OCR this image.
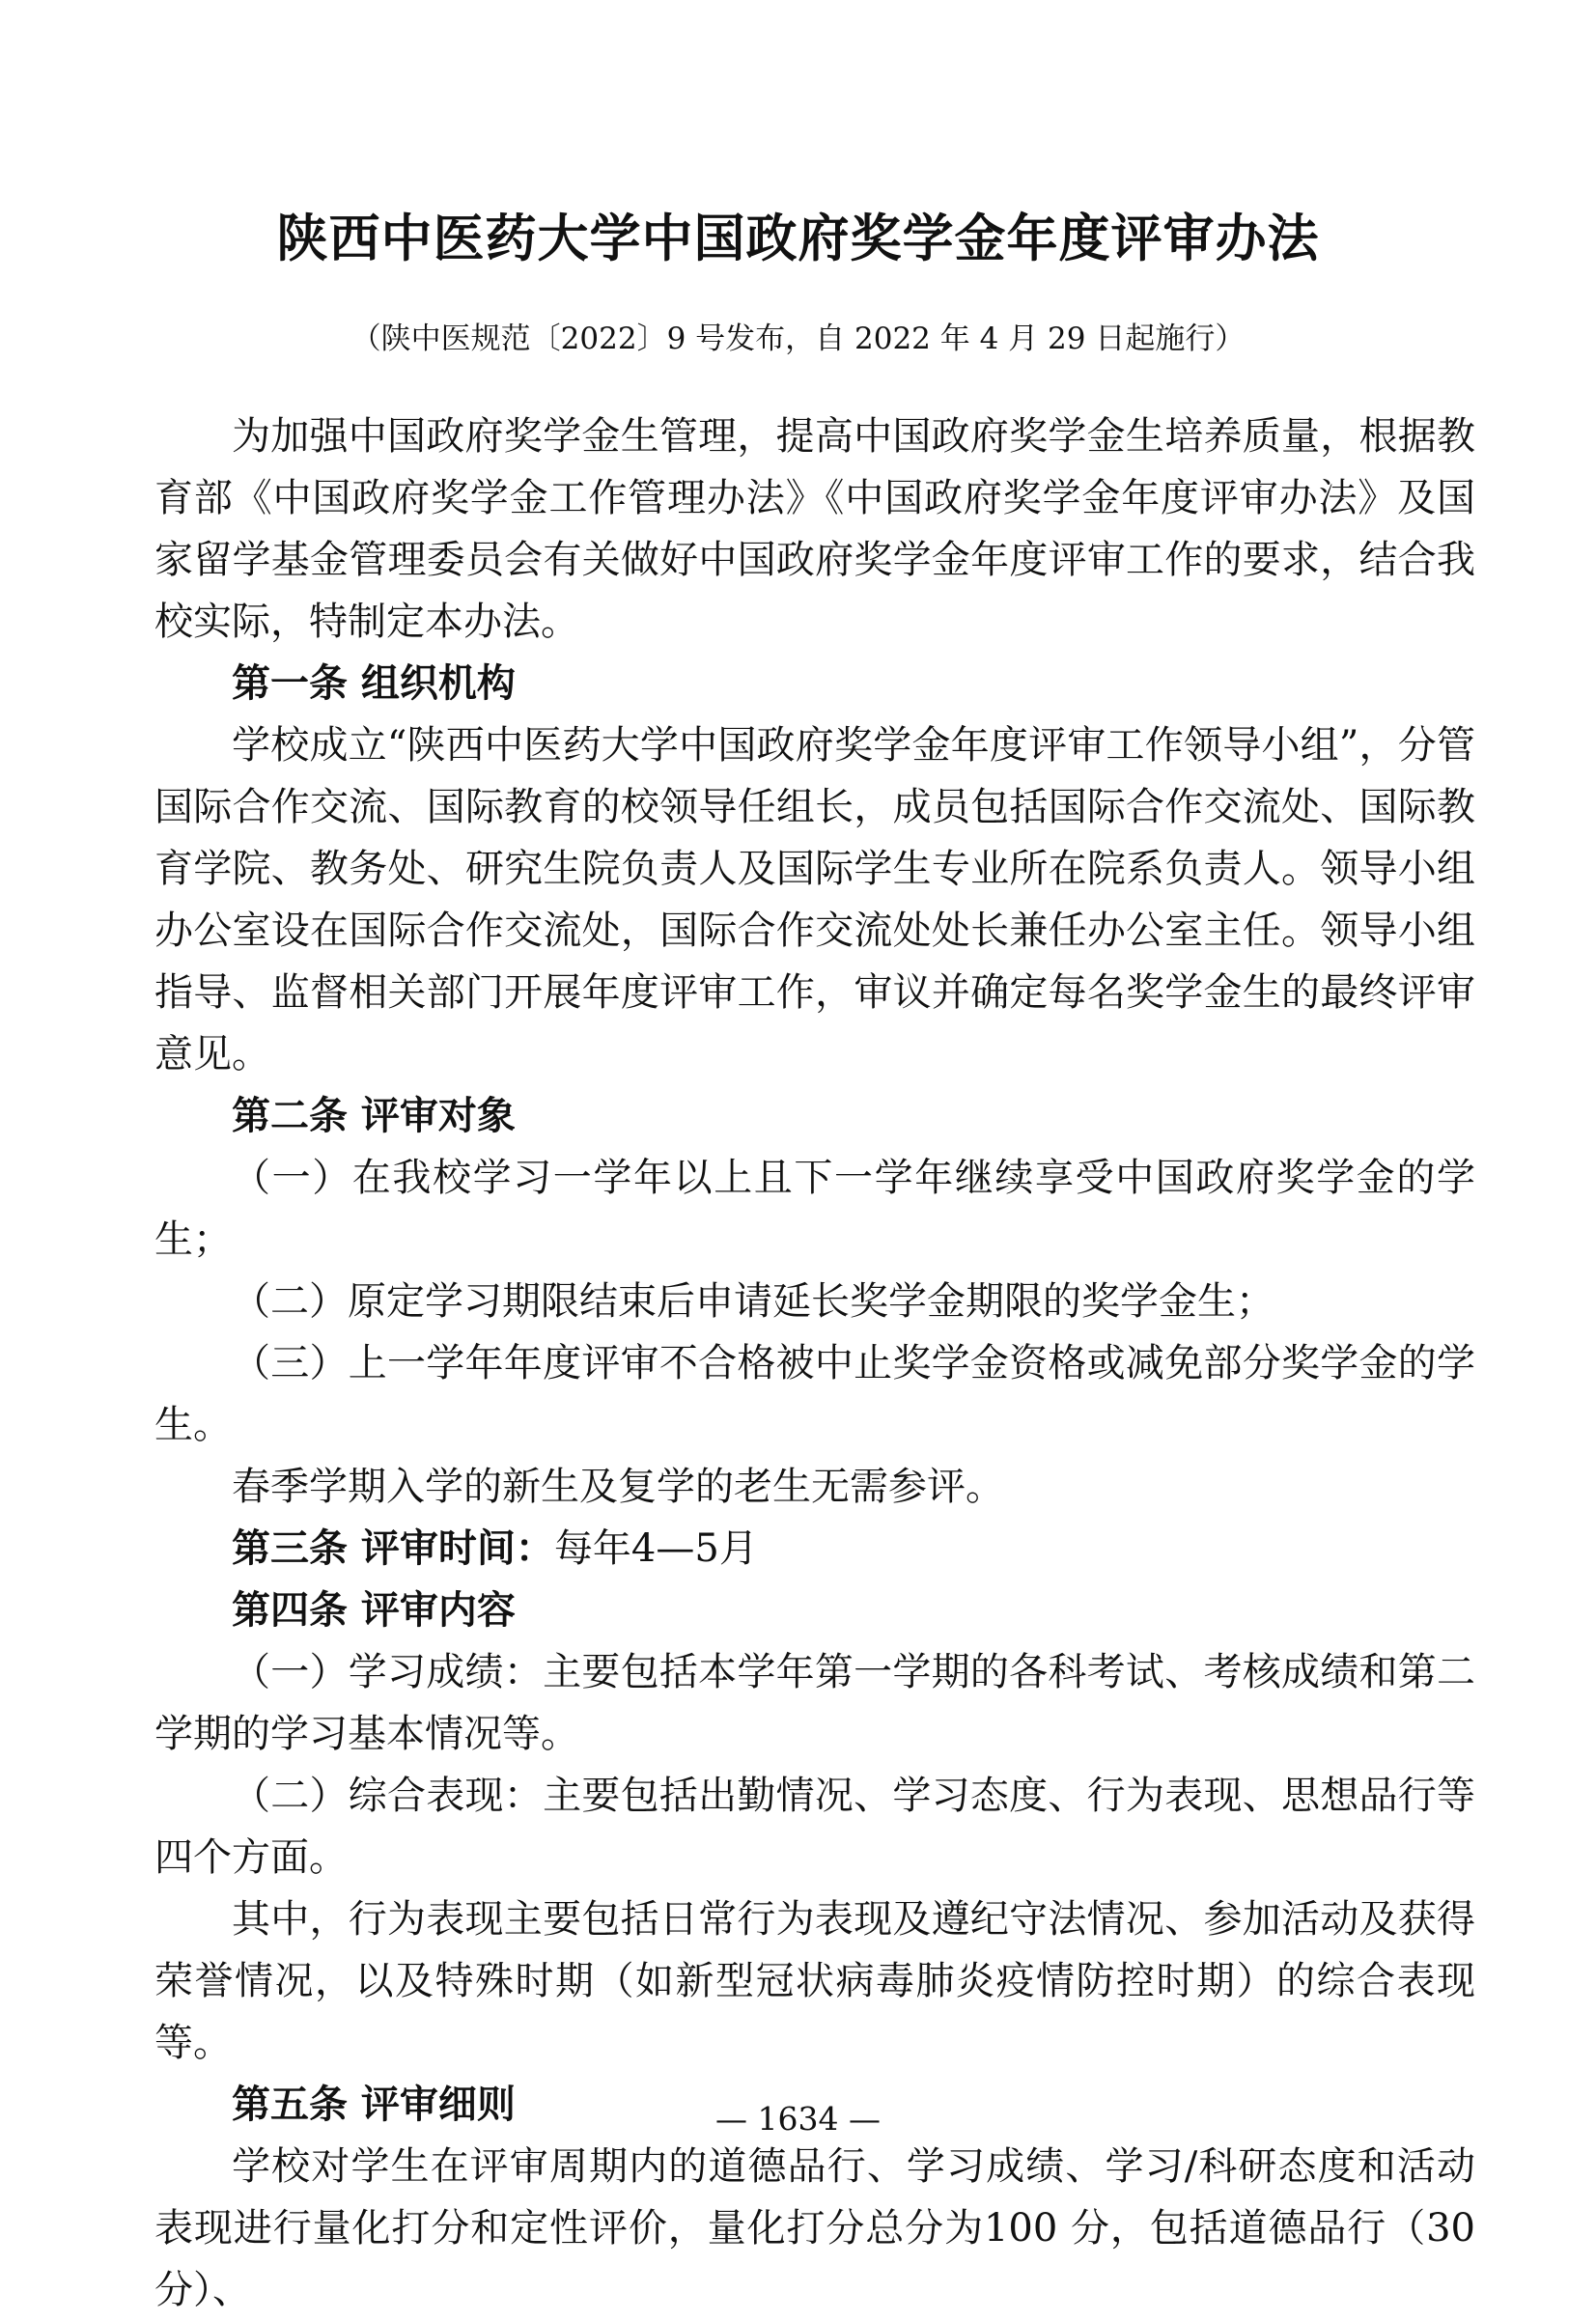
陕西中医药大学中国政府奖学金年度评审办法
（陕中医规范〔2022〕9 号发布，自 2022 年 4 月 29 日起施行）

为加强中国政府奖学金生管理，提高中国政府奖学金生培养质量，根据教育部《中国政府奖学金工作管理办法》《中国政府奖学金年度评审办法》及国家留学基金管理委员会有关做好中国政府奖学金年度评审工作的要求，结合我校实际，特制定本办法。

第一条 组织机构

学校成立“陕西中医药大学中国政府奖学金年度评审工作领导小组”，分管国际合作交流、国际教育的校领导任组长，成员包括国际合作交流处、国际教育学院、教务处、研究生院负责人及国际学生专业所在院系负责人。领导小组办公室设在国际合作交流处，国际合作交流处处长兼任办公室主任。领导小组指导、监督相关部门开展年度评审工作，审议并确定每名奖学金生的最终评审意见。

第二条 评审对象

（一）在我校学习一学年以上且下一学年继续享受中国政府奖学金的学生；

（二）原定学习期限结束后申请延长奖学金期限的奖学金生；

（三）上一学年年度评审不合格被中止奖学金资格或减免部分奖学金的学生。

春季学期入学的新生及复学的老生无需参评。

第三条 评审时间：每年4—5月

第四条 评审内容

（一）学习成绩：主要包括本学年第一学期的各科考试、考核成绩和第二学期的学习基本情况等。

（二）综合表现：主要包括出勤情况、学习态度、行为表现、思想品行等四个方面。

其中，行为表现主要包括日常行为表现及遵纪守法情况、参加活动及获得荣誉情况，以及特殊时期（如新型冠状病毒肺炎疫情防控时期）的综合表现等。

第五条 评审细则

学校对学生在评审周期内的道德品行、学习成绩、学习/科研态度和活动表现进行量化打分和定性评价，量化打分总分为100 分，包括道德品行（30分）、

— 1634 —
